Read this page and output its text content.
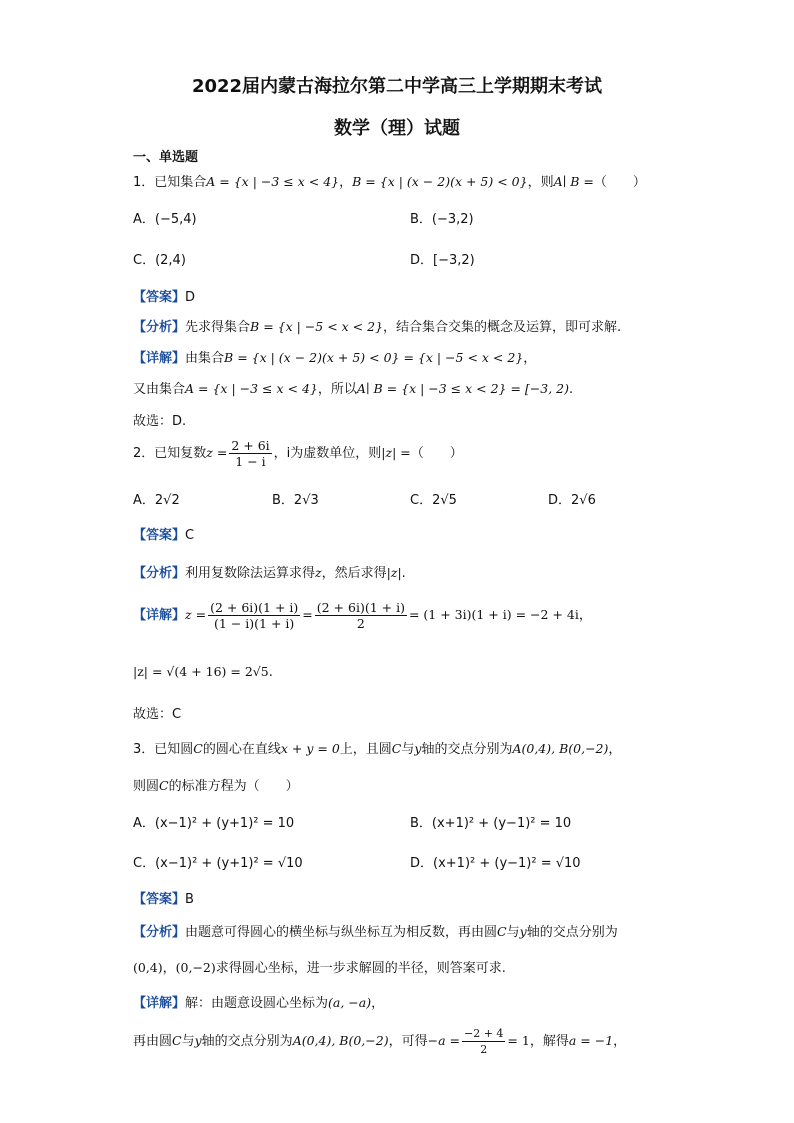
2022届内蒙古海拉尔第二中学高三上学期期末考试
数学（理）试题
一、单选题
1．已知集合A = {x | −3 ≤ x < 4}，B = {x | (x − 2)(x + 5) < 0}，则A∣ B =（　　）
A．(−5,4)	B．(−3,2)
C．(2,4)	D．[−3,2)
【答案】D
【分析】先求得集合B = {x | −5 < x < 2}，结合集合交集的概念及运算，即可求解.
【详解】由集合B = {x | (x − 2)(x + 5) < 0} = {x | −5 < x < 2}，
又由集合A = {x | −3 ≤ x < 4}，所以A∣ B = {x | −3 ≤ x < 2} = [−3, 2).
故选：D.
2．已知复数$z = \frac{2 + 6i}{1 - i}$ ，i为虚数单位，则|z| =（　　）
A．2√2	B．2√3	C．2√5	D．2√6
【答案】C
【分析】利用复数除法运算求得z，然后求得|z|.
【详解】$z = \frac{(2 + 6i)(1 + i)}{(1 - i)(1 + i)} = \frac{(2 + 6i)(1 + i)}{2} = (1 + 3i)(1 + i) = -2 + 4i$，
|z| = √(4 + 16) = 2√5.
故选：C
3．已知圆C的圆心在直线x + y = 0上，且圆C与y轴的交点分别为A(0,4), B(0,−2)，
则圆C的标准方程为（　　）
A．(x−1)² + (y+1)² = 10	B．(x+1)² + (y−1)² = 10
C．(x−1)² + (y+1)² = √10	D．(x+1)² + (y−1)² = √10
【答案】B
【分析】由题意可得圆心的横坐标与纵坐标互为相反数，再由圆C与y轴的交点分别为
(0,4)，(0,−2)求得圆心坐标，进一步求解圆的半径，则答案可求.
【详解】解：由题意设圆心坐标为(a, −a)，
再由圆C与y轴的交点分别为A(0,4), B(0,−2)，可得$-a = \frac{-2 + 4}{2} = 1$，解得a = −1，
